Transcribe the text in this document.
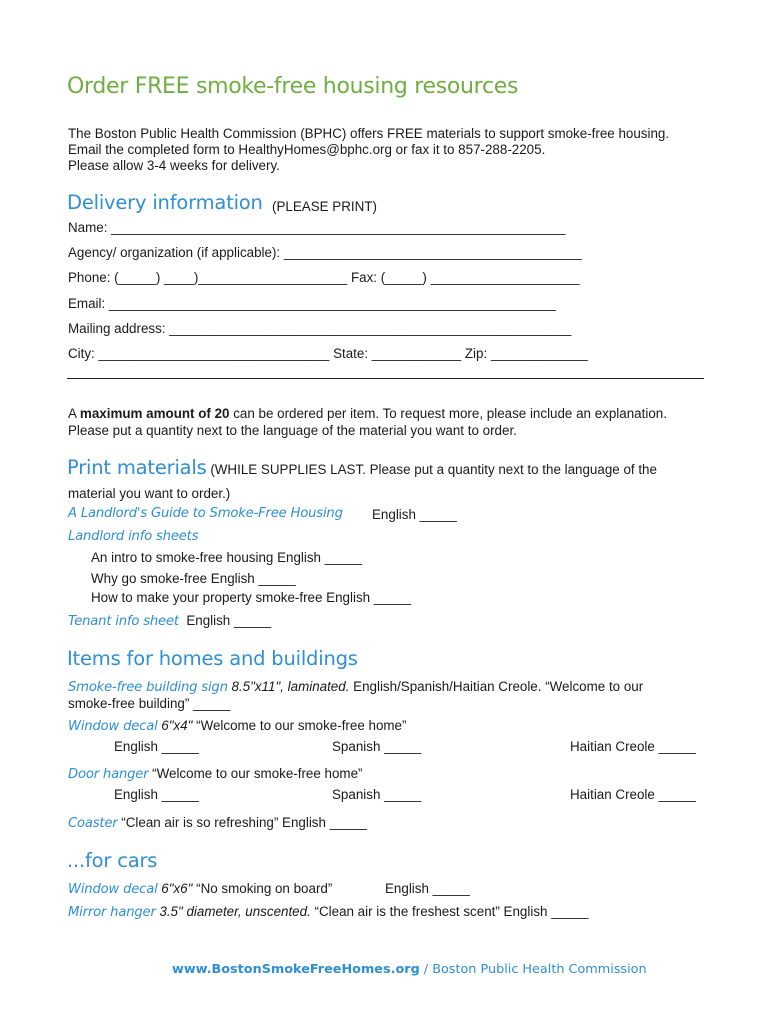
Order FREE smoke-free housing resources
The Boston Public Health Commission (BPHC) offers FREE materials to support smoke-free housing.
Email the completed form to HealthyHomes@bphc.org or fax it to 857-288-2205.
Please allow 3-4 weeks for delivery.
Delivery information (PLEASE PRINT)
Name: _____________________________________________________________
Agency/ organization (if applicable): ________________________________________
Phone: (_____) ____)____________________ Fax: (_____) ____________________
Email: ____________________________________________________________
Mailing address: ______________________________________________________
City: _______________________________ State: ____________ Zip: _____________
A maximum amount of 20 can be ordered per item. To request more, please include an explanation.
Please put a quantity next to the language of the material you want to order.
Print materials (WHILE SUPPLIES LAST. Please put a quantity next to the language of the
material you want to order.)
A Landlord's Guide to Smoke-Free Housing English _____
Landlord info sheets
An intro to smoke-free housing English _____
Why go smoke-free English _____
How to make your property smoke-free English _____
Tenant info sheet English _____
Items for homes and buildings
Smoke-free building sign 8.5"x11", laminated. English/Spanish/Haitian Creole. “Welcome to our
smoke-free building” _____
Window decal 6"x4" “Welcome to our smoke-free home”
English _____	Spanish _____	Haitian Creole _____
Door hanger “Welcome to our smoke-free home”
English _____	Spanish _____	Haitian Creole _____
Coaster “Clean air is so refreshing” English _____
...for cars
Window decal 6"x6" “No smoking on board”	English _____
Mirror hanger 3.5" diameter, unscented. “Clean air is the freshest scent” English _____
www.BostonSmokeFreeHomes.org / Boston Public Health Commission
